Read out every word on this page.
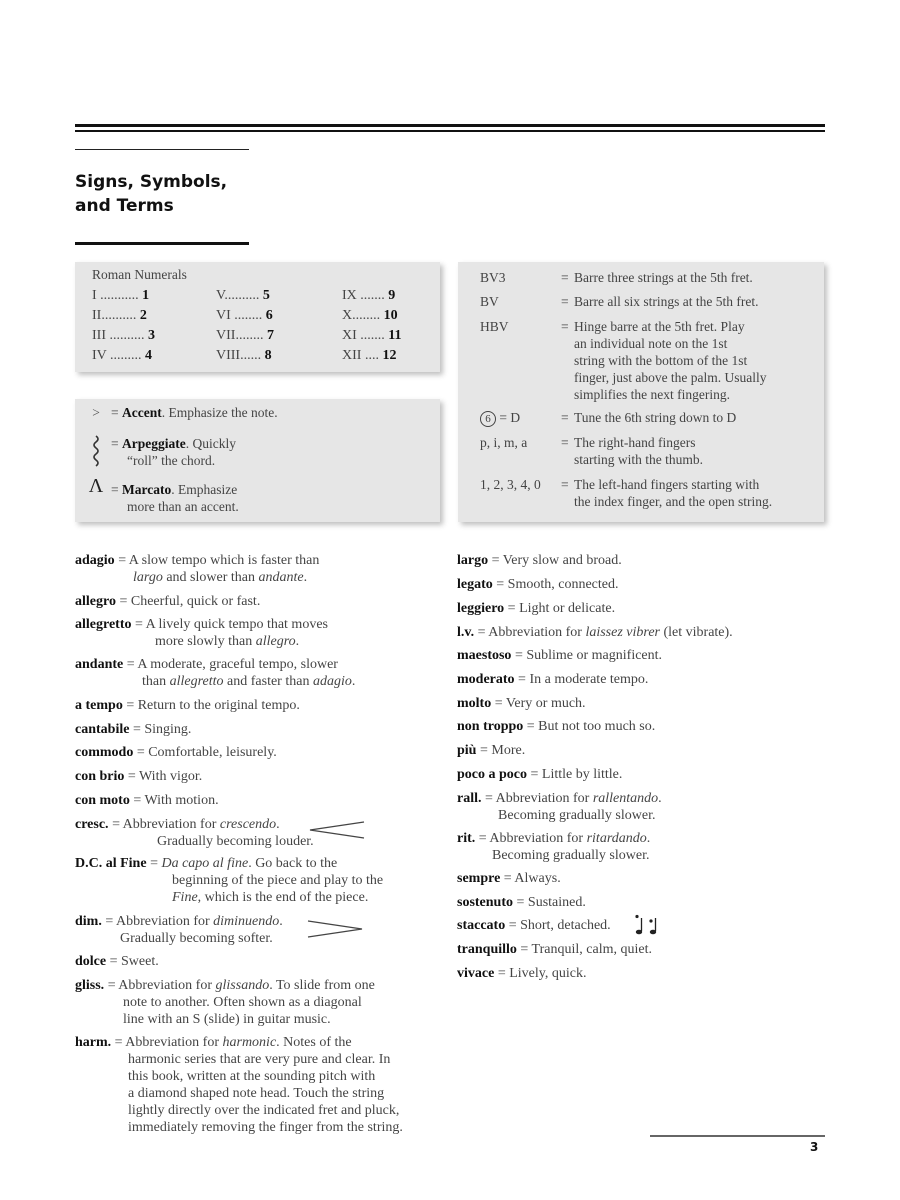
Signs, Symbols,
and Terms
Roman Numerals
I ........... 1	V.......... 5	IX ....... 9
II.......... 2	VI ........ 6	X........ 10
III .......... 3	VII........ 7	XI ....... 11
IV ......... 4	VIII...... 8	XII .... 12
> = Accent. Emphasize the note.
= Arpeggiate. Quickly
“roll” the chord.
Λ = Marcato. Emphasize
more than an accent.
BV3	= Barre three strings at the 5th fret.
BV	= Barre all six strings at the 5th fret.
HBV	= Hinge barre at the 5th fret. Play
an individual note on the 1st
string with the bottom of the 1st
finger, just above the palm. Usually
simplifies the next fingering.
6 = D	= Tune the 6th string down to D
p, i, m, a	= The right-hand fingers
starting with the thumb.
1, 2, 3, 4, 0	= The left-hand fingers starting with
the index finger, and the open string.
adagio = A slow tempo which is faster than
largo and slower than andante.
allegro = Cheerful, quick or fast.
allegretto = A lively quick tempo that moves
more slowly than allegro.
andante = A moderate, graceful tempo, slower
than allegretto and faster than adagio.
a tempo = Return to the original tempo.
cantabile = Singing.
commodo = Comfortable, leisurely.
con brio = With vigor.
con moto = With motion.
cresc. = Abbreviation for crescendo.
Gradually becoming louder.
D.C. al Fine = Da capo al fine. Go back to the
beginning of the piece and play to the
Fine, which is the end of the piece.
dim. = Abbreviation for diminuendo.
Gradually becoming softer.
dolce = Sweet.
gliss. = Abbreviation for glissando. To slide from one
note to another. Often shown as a diagonal
line with an S (slide) in guitar music.
harm. = Abbreviation for harmonic. Notes of the
harmonic series that are very pure and clear. In
this book, written at the sounding pitch with
a diamond shaped note head. Touch the string
lightly directly over the indicated fret and pluck,
immediately removing the finger from the string.
largo = Very slow and broad.
legato = Smooth, connected.
leggiero = Light or delicate.
l.v. = Abbreviation for laissez vibrer (let vibrate).
maestoso = Sublime or magnificent.
moderato = In a moderate tempo.
molto = Very or much.
non troppo = But not too much so.
più = More.
poco a poco = Little by little.
rall. = Abbreviation for rallentando.
Becoming gradually slower.
rit. = Abbreviation for ritardando.
Becoming gradually slower.
sempre = Always.
sostenuto = Sustained.
staccato = Short, detached.
tranquillo = Tranquil, calm, quiet.
vivace = Lively, quick.
3
